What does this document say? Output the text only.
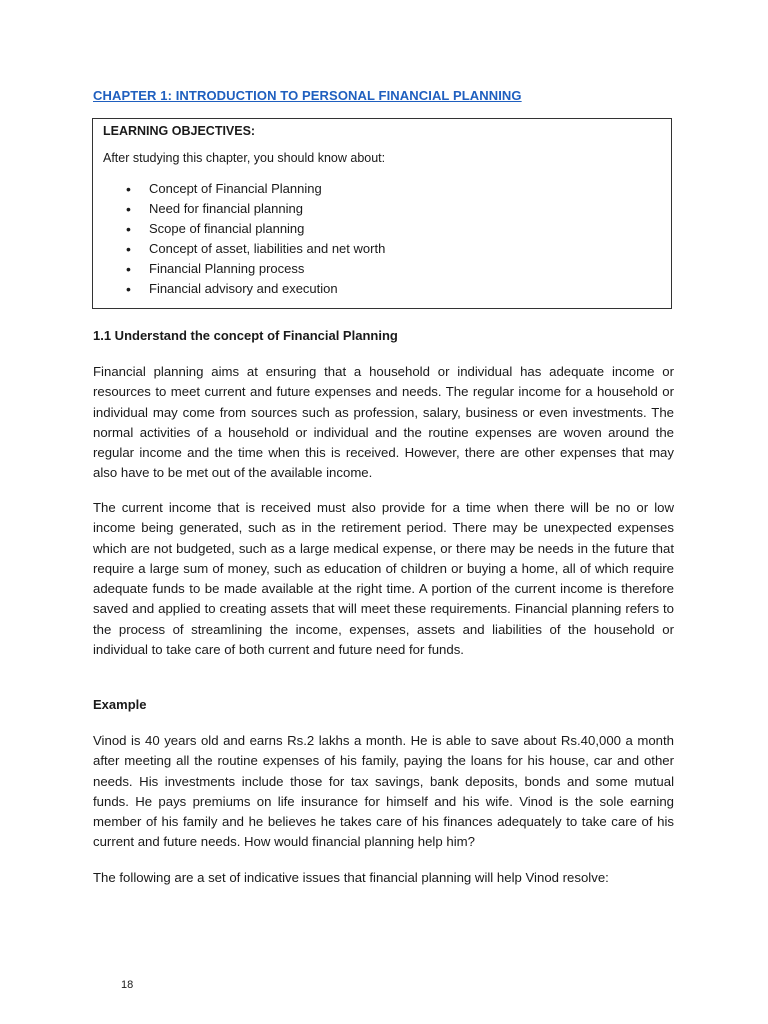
CHAPTER 1: INTRODUCTION TO PERSONAL FINANCIAL PLANNING
LEARNING OBJECTIVES:
After studying this chapter, you should know about:
• Concept of Financial Planning
• Need for financial planning
• Scope of financial planning
• Concept of asset, liabilities and net worth
• Financial Planning process
• Financial advisory and execution
1.1 Understand the concept of Financial Planning

Financial planning aims at ensuring that a household or individual has adequate income or resources to meet current and future expenses and needs. The regular income for a household or individual may come from sources such as profession, salary, business or even investments. The normal activities of a household or individual and the routine expenses are woven around the regular income and the time when this is received. However, there are other expenses that may also have to be met out of the available income.

The current income that is received must also provide for a time when there will be no or low income being generated, such as in the retirement period. There may be unexpected expenses which are not budgeted, such as a large medical expense, or there may be needs in the future that require a large sum of money, such as education of children or buying a home, all of which require adequate funds to be made available at the right time. A portion of the current income is therefore saved and applied to creating assets that will meet these requirements. Financial planning refers to the process of streamlining the income, expenses, assets and liabilities of the household or individual to take care of both current and future need for funds.

Example

Vinod is 40 years old and earns Rs.2 lakhs a month. He is able to save about Rs.40,000 a month after meeting all the routine expenses of his family, paying the loans for his house, car and other needs. His investments include those for tax savings, bank deposits, bonds and some mutual funds. He pays premiums on life insurance for himself and his wife. Vinod is the sole earning member of his family and he believes he takes care of his finances adequately to take care of his current and future needs. How would financial planning help him?

The following are a set of indicative issues that financial planning will help Vinod resolve:

18
